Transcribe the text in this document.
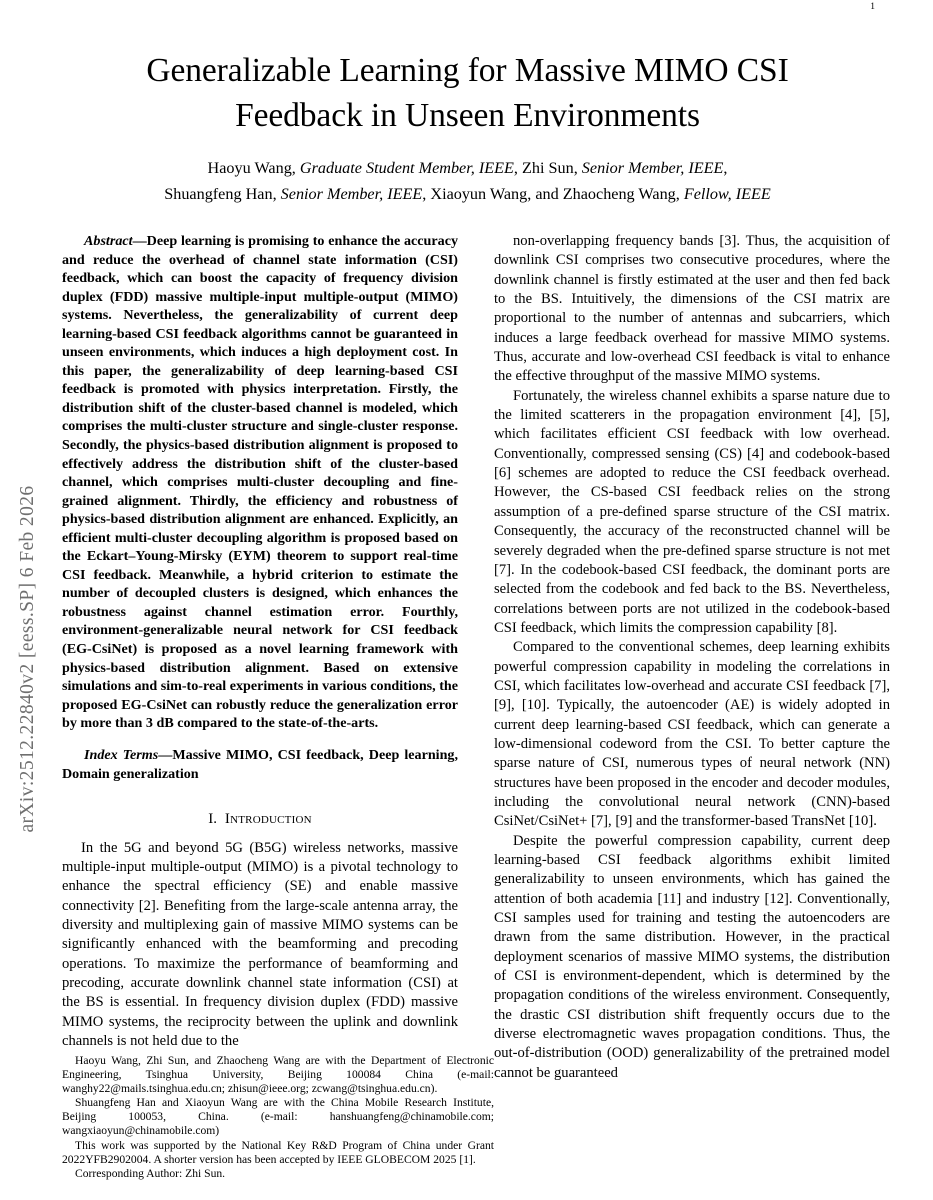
arXiv:2512.22840v2 [eess.SP] 6 Feb 2026
1
Generalizable Learning for Massive MIMO CSI
Feedback in Unseen Environments
Haoyu Wang, Graduate Student Member, IEEE, Zhi Sun, Senior Member, IEEE,
Shuangfeng Han, Senior Member, IEEE, Xiaoyun Wang, and Zhaocheng Wang, Fellow, IEEE

Abstract—Deep learning is promising to enhance the accuracy and reduce the overhead of channel state information (CSI) feedback, which can boost the capacity of frequency division duplex (FDD) massive multiple-input multiple-output (MIMO) systems. Nevertheless, the generalizability of current deep learning-based CSI feedback algorithms cannot be guaranteed in unseen environments, which induces a high deployment cost. In this paper, the generalizability of deep learning-based CSI feedback is promoted with physics interpretation. Firstly, the distribution shift of the cluster-based channel is modeled, which comprises the multi-cluster structure and single-cluster response. Secondly, the physics-based distribution alignment is proposed to effectively address the distribution shift of the cluster-based channel, which comprises multi-cluster decoupling and fine-grained alignment. Thirdly, the efficiency and robustness of physics-based distribution alignment are enhanced. Explicitly, an efficient multi-cluster decoupling algorithm is proposed based on the Eckart–Young-Mirsky (EYM) theorem to support real-time CSI feedback. Meanwhile, a hybrid criterion to estimate the number of decoupled clusters is designed, which enhances the robustness against channel estimation error. Fourthly, environment-generalizable neural network for CSI feedback (EG-CsiNet) is proposed as a novel learning framework with physics-based distribution alignment. Based on extensive simulations and sim-to-real experiments in various conditions, the proposed EG-CsiNet can robustly reduce the generalization error by more than 3 dB compared to the state-of-the-arts.

Index Terms—Massive MIMO, CSI feedback, Deep learning, Domain generalization

I. Introduction

In the 5G and beyond 5G (B5G) wireless networks, massive multiple-input multiple-output (MIMO) is a pivotal technology to enhance the spectral efficiency (SE) and enable massive connectivity [2]. Benefiting from the large-scale antenna array, the diversity and multiplexing gain of massive MIMO systems can be significantly enhanced with the beamforming and precoding operations. To maximize the performance of beamforming and precoding, accurate downlink channel state information (CSI) at the BS is essential. In frequency division duplex (FDD) massive MIMO systems, the reciprocity between the uplink and downlink channels is not held due to the

non-overlapping frequency bands [3]. Thus, the acquisition of downlink CSI comprises two consecutive procedures, where the downlink channel is firstly estimated at the user and then fed back to the BS. Intuitively, the dimensions of the CSI matrix are proportional to the number of antennas and subcarriers, which induces a large feedback overhead for massive MIMO systems. Thus, accurate and low-overhead CSI feedback is vital to enhance the effective throughput of the massive MIMO systems.

Fortunately, the wireless channel exhibits a sparse nature due to the limited scatterers in the propagation environment [4], [5], which facilitates efficient CSI feedback with low overhead. Conventionally, compressed sensing (CS) [4] and codebook-based [6] schemes are adopted to reduce the CSI feedback overhead. However, the CS-based CSI feedback relies on the strong assumption of a pre-defined sparse structure of the CSI matrix. Consequently, the accuracy of the reconstructed channel will be severely degraded when the pre-defined sparse structure is not met [7]. In the codebook-based CSI feedback, the dominant ports are selected from the codebook and fed back to the BS. Nevertheless, correlations between ports are not utilized in the codebook-based CSI feedback, which limits the compression capability [8].

Compared to the conventional schemes, deep learning exhibits powerful compression capability in modeling the correlations in CSI, which facilitates low-overhead and accurate CSI feedback [7], [9], [10]. Typically, the autoencoder (AE) is widely adopted in current deep learning-based CSI feedback, which can generate a low-dimensional codeword from the CSI. To better capture the sparse nature of CSI, numerous types of neural network (NN) structures have been proposed in the encoder and decoder modules, including the convolutional neural network (CNN)-based CsiNet/CsiNet+ [7], [9] and the transformer-based TransNet [10].

Despite the powerful compression capability, current deep learning-based CSI feedback algorithms exhibit limited generalizability to unseen environments, which has gained the attention of both academia [11] and industry [12]. Conventionally, CSI samples used for training and testing the autoencoders are drawn from the same distribution. However, in the practical deployment scenarios of massive MIMO systems, the distribution of CSI is environment-dependent, which is determined by the propagation conditions of the wireless environment. Consequently, the drastic CSI distribution shift frequently occurs due to the diverse electromagnetic waves propagation conditions. Thus, the out-of-distribution (OOD) generalizability of the pretrained model cannot be guaranteed

Haoyu Wang, Zhi Sun, and Zhaocheng Wang are with the Department of Electronic Engineering, Tsinghua University, Beijing 100084 China (e-mail: wanghy22@mails.tsinghua.edu.cn; zhisun@ieee.org; zcwang@tsinghua.edu.cn).

Shuangfeng Han and Xiaoyun Wang are with the China Mobile Research Institute, Beijing 100053, China. (e-mail: hanshuangfeng@chinamobile.com; wangxiaoyun@chinamobile.com)

This work was supported by the National Key R&D Program of China under Grant 2022YFB2902004. A shorter version has been accepted by IEEE GLOBECOM 2025 [1].

Corresponding Author: Zhi Sun.
